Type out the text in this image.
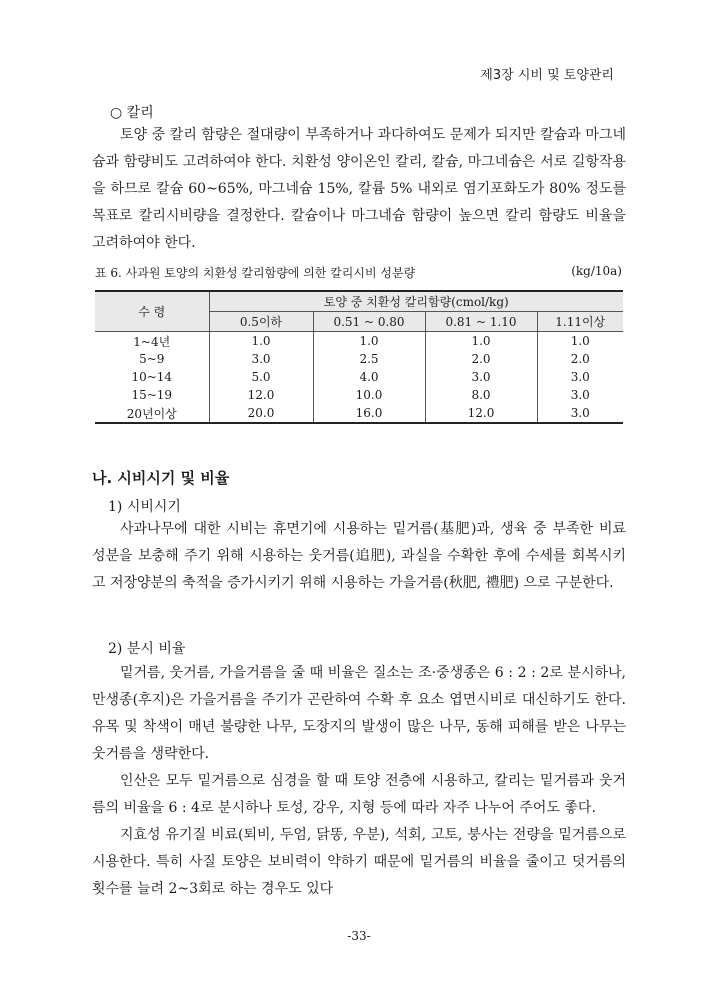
제3장 시비 및 토양관리
○ 칼리

토양 중 칼리 함량은 절대량이 부족하거나 과다하여도 문제가 되지만 칼슘과 마그네슘과 함량비도 고려하여야 한다. 치환성 양이온인 칼리, 칼슘, 마그네슘은 서로 길항작용을 하므로 칼슘 60~65%, 마그네슘 15%, 칼륨 5% 내외로 염기포화도가 80% 정도를 목표로 칼리시비량을 결정한다. 칼슘이나 마그네슘 함량이 높으면 칼리 함량도 비율을 고려하여야 한다.

표 6. 사과원 토양의 치환성 칼리함량에 의한 칼리시비 성분량	(kg/10a)
수 령	토양 중 치환성 칼리함량(cmol/kg)			
	0.5이하	0.51 ~ 0.80	0.81 ~ 1.10	1.11이상
1~4년	1.0	1.0	1.0	1.0
5~9	3.0	2.5	2.0	2.0
10~14	5.0	4.0	3.0	3.0
15~19	12.0	10.0	8.0	3.0
20년이상	20.0	16.0	12.0	3.0
나. 시비시기 및 비율
1) 시비시기

사과나무에 대한 시비는 휴면기에 시용하는 밑거름(基肥)과, 생육 중 부족한 비료 성분을 보충해 주기 위해 시용하는 웃거름(追肥), 과실을 수확한 후에 수세를 회복시키고 저장양분의 축적을 증가시키기 위해 시용하는 가을거름(秋肥, 禮肥) 으로 구분한다.

2) 분시 비율

밑거름, 웃거름, 가을거름을 줄 때 비율은 질소는 조·중생종은 6 : 2 : 2로 분시하나, 만생종(후지)은 가을거름을 주기가 곤란하여 수확 후 요소 엽면시비로 대신하기도 한다. 유목 및 착색이 매년 불량한 나무, 도장지의 발생이 많은 나무, 동해 피해를 받은 나무는 웃거름을 생략한다.

인산은 모두 밑거름으로 심경을 할 때 토양 전층에 시용하고, 칼리는 밑거름과 웃거름의 비율을 6 : 4로 분시하나 토성, 강우, 지형 등에 따라 자주 나누어 주어도 좋다.

지효성 유기질 비료(퇴비, 두엄, 닭똥, 우분), 석회, 고토, 붕사는 전량을 밑거름으로 시용한다. 특히 사질 토양은 보비력이 약하기 때문에 밑거름의 비율을 줄이고 덧거름의 횟수를 늘려 2~3회로 하는 경우도 있다

-33-
